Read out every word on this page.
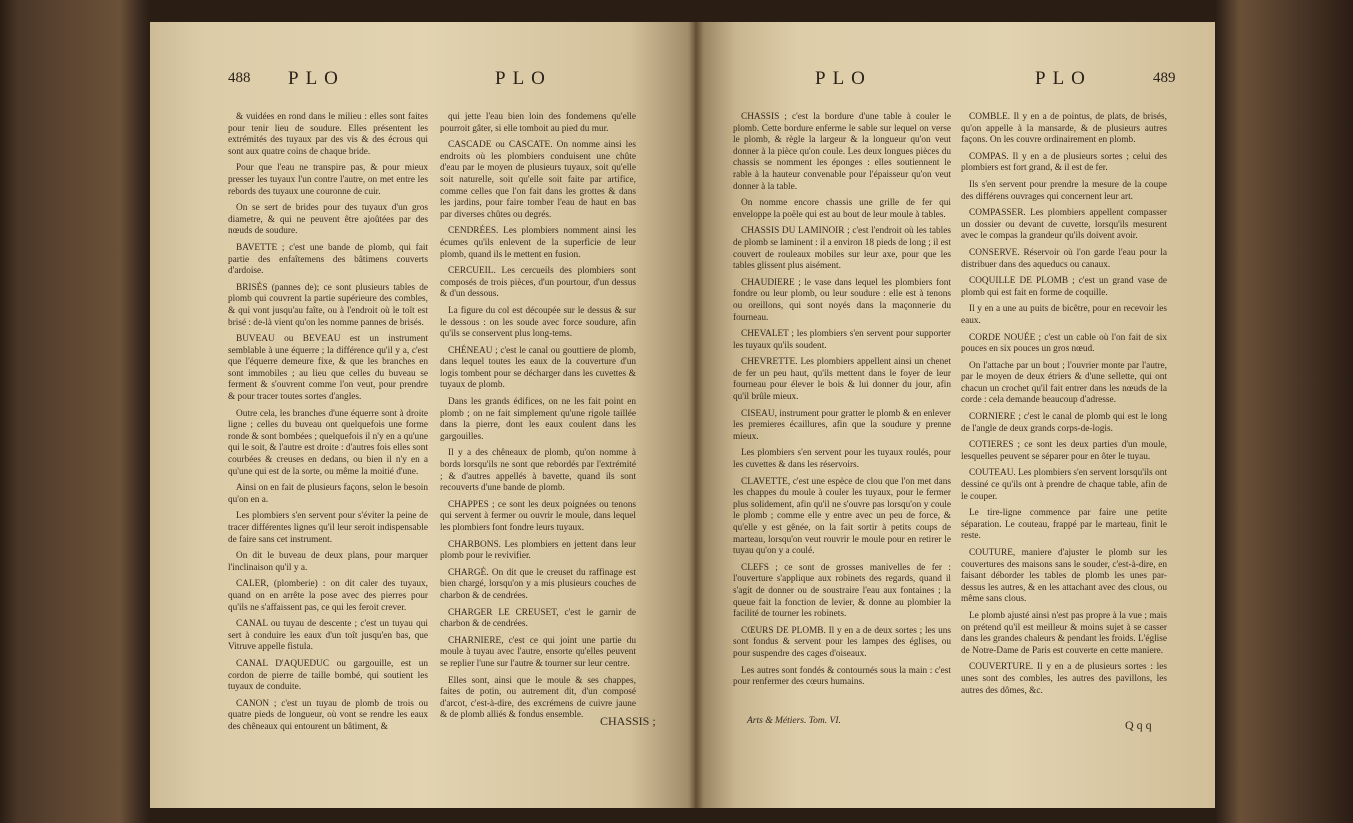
488 PLO	PLO

& vuidées en rond dans le milieu : elles sont faites pour tenir lieu de soudure. Elles présentent les extrémités des tuyaux par des vis & des écrous qui sont aux quatre coins de chaque bride.

Pour que l'eau ne transpire pas, & pour mieux presser les tuyaux l'un contre l'autre, on met entre les rebords des tuyaux une couronne de cuir.

On se sert de brides pour des tuyaux d'un gros diametre, & qui ne peuvent être ajoûtées par des nœuds de soudure.

BAVETTE ; c'est une bande de plomb, qui fait partie des enfaîtemens des bâtimens couverts d'ardoise.

BRISÉS (pannes de); ce sont plusieurs tables de plomb qui couvrent la partie supérieure des combles, & qui vont jusqu'au faîte, ou à l'endroit où le toît est brisé : de-là vient qu'on les nomme pannes de brisés.

BUVEAU ou BEVEAU est un instrument semblable à une équerre ; la différence qu'il y a, c'est que l'équerre demeure fixe, & que les branches en sont immobiles ; au lieu que celles du buveau se ferment & s'ouvrent comme l'on veut, pour prendre & pour tracer toutes sortes d'angles.

Outre cela, les branches d'une équerre sont à droite ligne ; celles du buveau ont quelquefois une forme ronde & sont bombées ; quelquefois il n'y en a qu'une qui le soit, & l'autre est droite : d'autres fois elles sont courbées & creuses en dedans, ou bien il n'y en a qu'une qui est de la sorte, ou même la moitié d'une.

Ainsi on en fait de plusieurs façons, selon le besoin qu'on en a.

Les plombiers s'en servent pour s'éviter la peine de tracer différentes lignes qu'il leur seroit indispensable de faire sans cet instrument.

On dit le buveau de deux plans, pour marquer l'inclinaison qu'il y a.

CALER, (plomberie) : on dit caler des tuyaux, quand on en arrête la pose avec des pierres pour qu'ils ne s'affaissent pas, ce qui les feroit crever.

CANAL ou tuyau de descente ; c'est un tuyau qui sert à conduire les eaux d'un toît jusqu'en bas, que Vitruve appelle fistula.

CANAL D'AQUEDUC ou gargouille, est un cordon de pierre de taille bombé, qui soutient les tuyaux de conduite.

CANON ; c'est un tuyau de plomb de trois ou quatre pieds de longueur, où vont se rendre les eaux des chêneaux qui entourent un bâtiment, &

qui jette l'eau bien loin des fondemens qu'elle pourroit gâter, si elle tomboit au pied du mur.

CASCADE ou CASCATE. On nomme ainsi les endroits où les plombiers conduisent une chûte d'eau par le moyen de plusieurs tuyaux, soit qu'elle soit naturelle, soit qu'elle soit faite par artifice, comme celles que l'on fait dans les grottes & dans les jardins, pour faire tomber l'eau de haut en bas par diverses chûtes ou degrés.

CENDRÉES. Les plombiers nomment ainsi les écumes qu'ils enlevent de la superficie de leur plomb, quand ils le mettent en fusion.

CERCUEIL. Les cercueils des plombiers sont composés de trois pièces, d'un pourtour, d'un dessus & d'un dessous.

La figure du col est découpée sur le dessus & sur le dessous : on les soude avec force soudure, afin qu'ils se conservent plus long-tems.

CHÉNEAU ; c'est le canal ou gouttiere de plomb, dans lequel toutes les eaux de la couverture d'un logis tombent pour se décharger dans les cuvettes & tuyaux de plomb.

Dans les grands édifices, on ne les fait point en plomb ; on ne fait simplement qu'une rigole taillée dans la pierre, dont les eaux coulent dans les gargouilles.

Il y a des chêneaux de plomb, qu'on nomme à bords lorsqu'ils ne sont que rebordés par l'extrémité ; & d'autres appellés à bavette, quand ils sont recouverts d'une bande de plomb.

CHAPPES ; ce sont les deux poignées ou tenons qui servent à fermer ou ouvrir le moule, dans lequel les plombiers font fondre leurs tuyaux.

CHARBONS. Les plombiers en jettent dans leur plomb pour le revivifier.

CHARGÉ. On dit que le creuset du raffinage est bien chargé, lorsqu'on y a mis plusieurs couches de charbon & de cendrées.

CHARGER LE CREUSET, c'est le garnir de charbon & de cendrées.

CHARNIERE, c'est ce qui joint une partie du moule à tuyau avec l'autre, ensorte qu'elles peuvent se replier l'une sur l'autre & tourner sur leur centre.

Elles sont, ainsi que le moule & ses chappes, faites de potin, ou autrement dit, d'un composé d'arcot, c'est-à-dire, des excrémens de cuivre jaune & de plomb alliés & fondus ensemble.	CHASSIS ;
PLO	PLO	489

CHASSIS ; c'est la bordure d'une table à couler le plomb. Cette bordure enferme le sable sur lequel on verse le plomb, & règle la largeur & la longueur qu'on veut donner à la pièce qu'on coule. Les deux longues pièces du chassis se nomment les éponges : elles soutiennent le rable à la hauteur convenable pour l'épaisseur qu'on veut donner à la table.

On nomme encore chassis une grille de fer qui enveloppe la poële qui est au bout de leur moule à tables.

CHASSIS DU LAMINOIR ; c'est l'endroit où les tables de plomb se laminent : il a environ 18 pieds de long ; il est couvert de rouleaux mobiles sur leur axe, pour que les tables glissent plus aisément.

CHAUDIERE ; le vase dans lequel les plombiers font fondre ou leur plomb, ou leur soudure : elle est à tenons ou oreillons, qui sont noyés dans la maçonnerie du fourneau.

CHEVALET ; les plombiers s'en servent pour supporter les tuyaux qu'ils soudent.

CHEVRETTE. Les plombiers appellent ainsi un chenet de fer un peu haut, qu'ils mettent dans le foyer de leur fourneau pour élever le bois & lui donner du jour, afin qu'il brûle mieux.

CISEAU, instrument pour gratter le plomb & en enlever les premieres écaillures, afin que la soudure y prenne mieux.

Les plombiers s'en servent pour les tuyaux roulés, pour les cuvettes & dans les réservoirs.

CLAVETTE, c'est une espèce de clou que l'on met dans les chappes du moule à couler les tuyaux, pour le fermer plus solidement, afin qu'il ne s'ouvre pas lorsqu'on y coule le plomb ; comme elle y entre avec un peu de force, & qu'elle y est gênée, on la fait sortir à petits coups de marteau, lorsqu'on veut rouvrir le moule pour en retirer le tuyau qu'on y a coulé.

CLEFS ; ce sont de grosses manivelles de fer : l'ouverture s'applique aux robinets des regards, quand il s'agit de donner ou de soustraire l'eau aux fontaines ; la queue fait la fonction de levier, & donne au plombier la facilité de tourner les robinets.

CŒURS DE PLOMB. Il y en a de deux sortes ; les uns sont fondus & servent pour les lampes des églises, ou pour suspendre des cages d'oiseaux.

Les autres sont fondés & contournés sous la main : c'est pour renfermer des cœurs humains.

COMBLE. Il y en a de pointus, de plats, de brisés, qu'on appelle à la mansarde, & de plusieurs autres façons. On les couvre ordinairement en plomb.

COMPAS. Il y en a de plusieurs sortes ; celui des plombiers est fort grand, & il est de fer.

Ils s'en servent pour prendre la mesure de la coupe des différens ouvrages qui concernent leur art.

COMPASSER. Les plombiers appellent compasser un dossier ou devant de cuvette, lorsqu'ils mesurent avec le compas la grandeur qu'ils doivent avoir.

CONSERVE. Réservoir où l'on garde l'eau pour la distribuer dans des aqueducs ou canaux.

COQUILLE DE PLOMB ; c'est un grand vase de plomb qui est fait en forme de coquille.

Il y en a une au puits de bicêtre, pour en recevoir les eaux.

CORDE NOUÉE ; c'est un cable où l'on fait de six pouces en six pouces un gros nœud.

On l'attache par un bout ; l'ouvrier monte par l'autre, par le moyen de deux étriers & d'une sellette, qui ont chacun un crochet qu'il fait entrer dans les nœuds de la corde : cela demande beaucoup d'adresse.

CORNIERE ; c'est le canal de plomb qui est le long de l'angle de deux grands corps-de-logis.

COTIERES ; ce sont les deux parties d'un moule, lesquelles peuvent se séparer pour en ôter le tuyau.

COUTEAU. Les plombiers s'en servent lorsqu'ils ont dessiné ce qu'ils ont à prendre de chaque table, afin de le couper.

Le tire-ligne commence par faire une petite séparation. Le couteau, frappé par le marteau, finit le reste.

COUTURE, maniere d'ajuster le plomb sur les couvertures des maisons sans le souder, c'est-à-dire, en faisant déborder les tables de plomb les unes par-dessus les autres, & en les attachant avec des clous, ou même sans clous.

Le plomb ajusté ainsi n'est pas propre à la vue ; mais on prétend qu'il est meilleur & moins sujet à se casser dans les grandes chaleurs & pendant les froids. L'église de Notre-Dame de Paris est couverte en cette maniere.

COUVERTURE. Il y en a de plusieurs sortes : les unes sont des combles, les autres des pavillons, les autres des dômes, &c.

Arts & Métiers. Tom. VI.	Q q q
